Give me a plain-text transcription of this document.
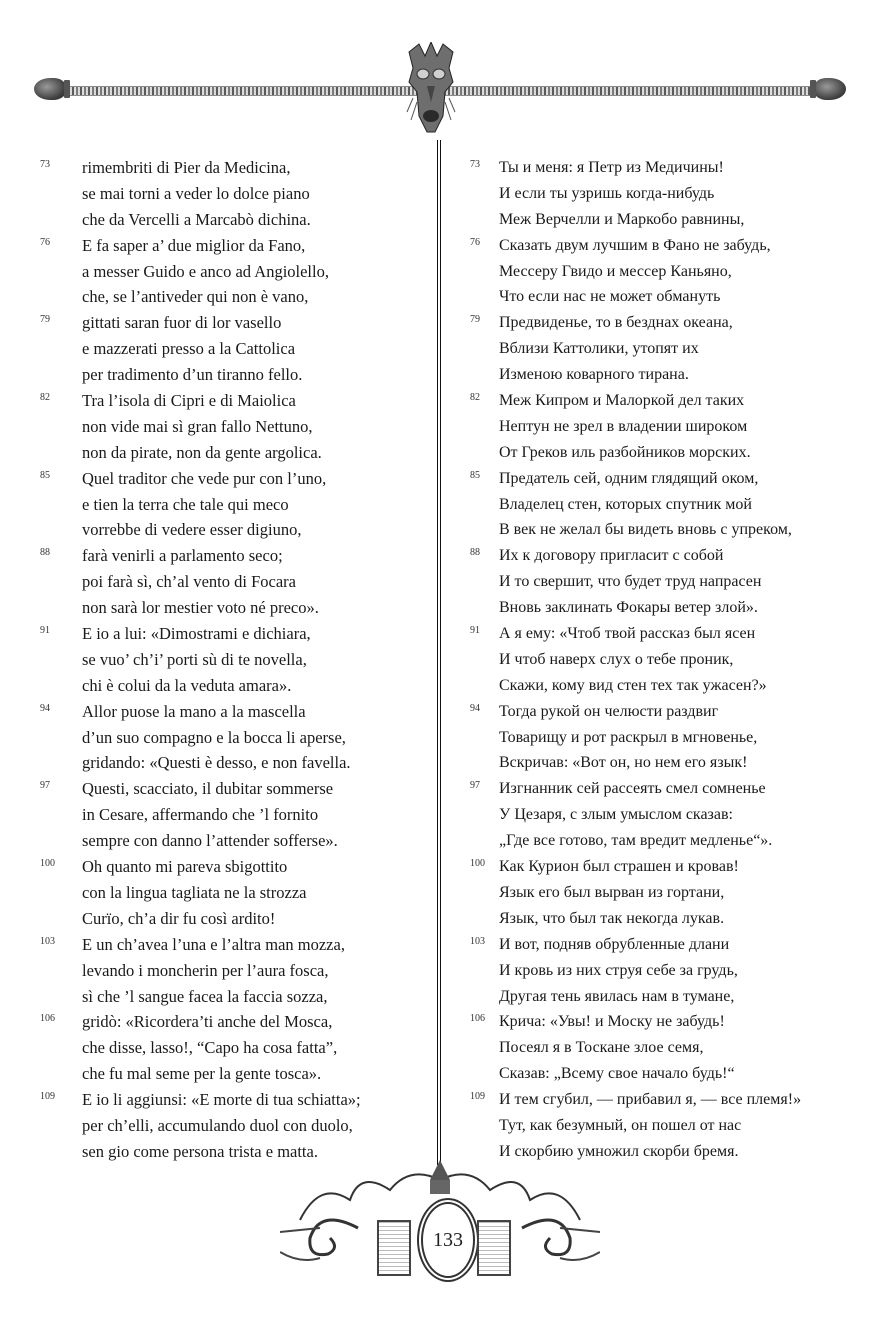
73	rimembriti di Pier da Medicina,
se mai torni a veder lo dolce piano
che da Vercelli a Marcabò dichina.
76	E fa saper a’ due miglior da Fano,
a messer Guido e anco ad Angiolello,
che, se l’antiveder qui non è vano,
79	gittati saran fuor di lor vasello
e mazzerati presso a la Cattolica
per tradimento d’un tiranno fello.
82	Tra l’isola di Cipri e di Maiolica
non vide mai sì gran fallo Nettuno,
non da pirate, non da gente argolica.
85	Quel traditor che vede pur con l’uno,
e tien la terra che tale qui meco
vorrebbe di vedere esser digiuno,
88	farà venirli a parlamento seco;
poi farà sì, ch’al vento di Focara
non sarà lor mestier voto né preco».
91	E io a lui: «Dimostrami e dichiara,
se vuo’ ch’i’ porti sù di te novella,
chi è colui da la veduta amara».
94	Allor puose la mano a la mascella
d’un suo compagno e la bocca li aperse,
gridando: «Questi è desso, e non favella.
97	Questi, scacciato, il dubitar sommerse
in Cesare, affermando che ’l fornito
sempre con danno l’attender sofferse».
100	Oh quanto mi pareva sbigottito
con la lingua tagliata ne la strozza
Curïo, ch’a dir fu così ardito!
103	E un ch’avea l’una e l’altra man mozza,
levando i moncherin per l’aura fosca,
sì che ’l sangue facea la faccia sozza,
106	gridò: «Ricordera’ti anche del Mosca,
che disse, lasso!, “Capo ha cosa fatta”,
che fu mal seme per la gente tosca».
109	E io li aggiunsi: «E morte di tua schiatta»;
per ch’elli, accumulando duol con duolo,
sen gio come persona trista e matta.
73	Ты и меня: я Петр из Медичины!
И если ты узришь когда-нибудь
Меж Верчелли и Маркобо равнины,
76	Сказать двум лучшим в Фано не забудь,
Мессеру Гвидо и мессер Каньяно,
Что если нас не может обмануть
79	Предвиденье, то в безднах океана,
Вблизи Каттолики, утопят их
Изменою коварного тирана.
82	Меж Кипром и Малоркой дел таких
Нептун не зрел в владении широком
От Греков иль разбойников морских.
85	Предатель сей, одним глядящий оком,
Владелец стен, которых спутник мой
В век не желал бы видеть вновь с упреком,
88	Их к договору пригласит с собой
И то свершит, что будет труд напрасен
Вновь заклинать Фокары ветер злой».
91	А я ему: «Чтоб твой рассказ был ясен
И чтоб наверх слух о тебе проник,
Скажи, кому вид стен тех так ужасен?»
94	Тогда рукой он челюсти раздвиг
Товарищу и рот раскрыл в мгновенье,
Вскричав: «Вот он, но нем его язык!
97	Изгнанник сей рассеять смел сомненье
У Цезаря, с злым умыслом сказав:
„Где все готово, там вредит медленье“».
100 Как Курион был страшен и кровав!
Язык его был вырван из гортани,
Язык, что был так некогда лукав.
103 И вот, подняв обрубленные длани
И кровь из них струя себе за грудь,
Другая тень явилась нам в тумане,
106 Крича: «Увы! и Моску не забудь!
Посеял я в Тоскане злое семя,
Сказав: „Всему свое начало будь!“
109 И тем сгубил, — прибавил я, — все племя!»
Тут, как безумный, он пошел от нас
И скорбию умножил скорби бремя.
133
